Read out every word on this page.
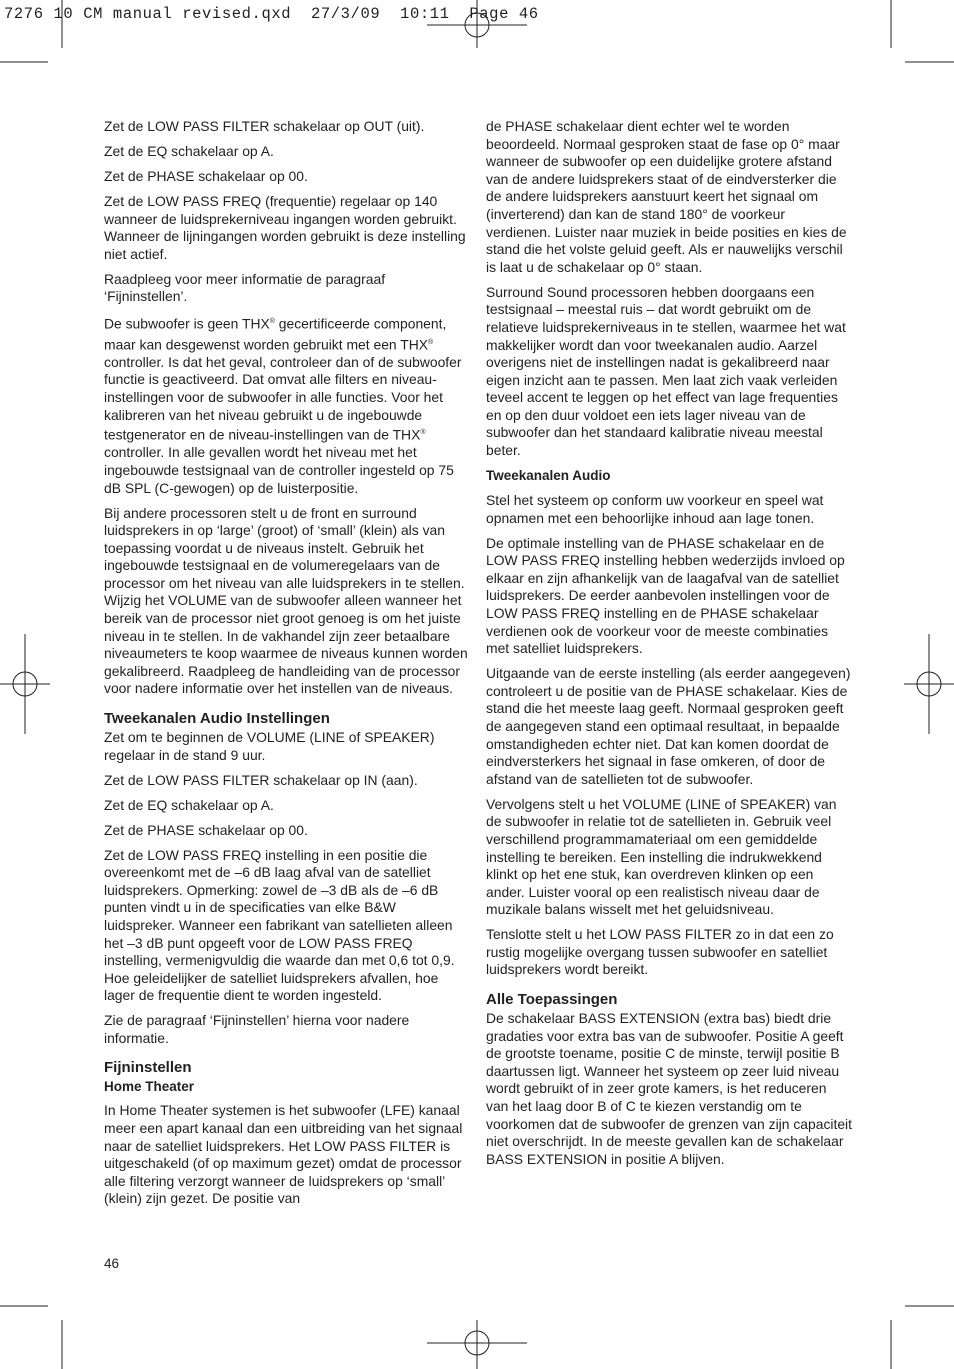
7276 10 CM manual revised.qxd  27/3/09  10:11  Page 46

Zet de LOW PASS FILTER schakelaar op OUT (uit).

Zet de EQ schakelaar op A.

Zet de PHASE schakelaar op 00.

Zet de LOW PASS FREQ (frequentie) regelaar op 140 wanneer de luidsprekerniveau ingangen worden gebruikt. Wanneer de lijningangen worden gebruikt is deze instelling niet actief.

Raadpleeg voor meer informatie de paragraaf ‘Fijninstellen’.

De subwoofer is geen THX® gecertificeerde component, maar kan desgewenst worden gebruikt met een THX® controller. Is dat het geval, controleer dan of de subwoofer functie is geactiveerd. Dat omvat alle filters en niveau-instellingen voor de subwoofer in alle functies. Voor het kalibreren van het niveau gebruikt u de ingebouwde testgenerator en de niveau-instellingen van de THX® controller. In alle gevallen wordt het niveau met het ingebouwde testsignaal van de controller ingesteld op 75 dB SPL (C-gewogen) op de luisterpositie.

Bij andere processoren stelt u de front en surround luidsprekers in op ‘large’ (groot) of ‘small’ (klein) als van toepassing voordat u de niveaus instelt. Gebruik het ingebouwde testsignaal en de volumeregelaars van de processor om het niveau van alle luidsprekers in te stellen. Wijzig het VOLUME van de subwoofer alleen wanneer het bereik van de processor niet groot genoeg is om het juiste niveau in te stellen. In de vakhandel zijn zeer betaalbare niveaumeters te koop waarmee de niveaus kunnen worden gekalibreerd. Raadpleeg de handleiding van de processor voor nadere informatie over het instellen van de niveaus.

Tweekanalen Audio Instellingen

Zet om te beginnen de VOLUME (LINE of SPEAKER) regelaar in de stand 9 uur.

Zet de LOW PASS FILTER schakelaar op IN (aan).

Zet de EQ schakelaar op A.

Zet de PHASE schakelaar op 00.

Zet de LOW PASS FREQ instelling in een positie die overeenkomt met de –6 dB laag afval van de satelliet luidsprekers. Opmerking: zowel de –3 dB als de –6 dB punten vindt u in de specificaties van elke B&W luidspreker. Wanneer een fabrikant van satellieten alleen het –3 dB punt opgeeft voor de LOW PASS FREQ instelling, vermenigvuldig die waarde dan met 0,6 tot 0,9. Hoe geleidelijker de satelliet luidsprekers afvallen, hoe lager de frequentie dient te worden ingesteld.

Zie de paragraaf ‘Fijninstellen’ hierna voor nadere informatie.

Fijninstellen
Home Theater

In Home Theater systemen is het subwoofer (LFE) kanaal meer een apart kanaal dan een uitbreiding van het signaal naar de satelliet luidsprekers. Het LOW PASS FILTER is uitgeschakeld (of op maximum gezet) omdat de processor alle filtering verzorgt wanneer de luidsprekers op ‘small’ (klein) zijn gezet. De positie van

de PHASE schakelaar dient echter wel te worden beoordeeld. Normaal gesproken staat de fase op 0° maar wanneer de subwoofer op een duidelijke grotere afstand van de andere luidsprekers staat of de eindversterker die de andere luidsprekers aanstuurt keert het signaal om (inverterend) dan kan de stand 180° de voorkeur verdienen. Luister naar muziek in beide posities en kies de stand die het volste geluid geeft. Als er nauwelijks verschil is laat u de schakelaar op 0° staan.

Surround Sound processoren hebben doorgaans een testsignaal – meestal ruis – dat wordt gebruikt om de relatieve luidsprekerniveaus in te stellen, waarmee het wat makkelijker wordt dan voor tweekanalen audio. Aarzel overigens niet de instellingen nadat is gekalibreerd naar eigen inzicht aan te passen. Men laat zich vaak verleiden teveel accent te leggen op het effect van lage frequenties en op den duur voldoet een iets lager niveau van de subwoofer dan het standaard kalibratie niveau meestal beter.

Tweekanalen Audio

Stel het systeem op conform uw voorkeur en speel wat opnamen met een behoorlijke inhoud aan lage tonen.

De optimale instelling van de PHASE schakelaar en de LOW PASS FREQ instelling hebben wederzijds invloed op elkaar en zijn afhankelijk van de laagafval van de satelliet luidsprekers. De eerder aanbevolen instellingen voor de LOW PASS FREQ instelling en de PHASE schakelaar verdienen ook de voorkeur voor de meeste combinaties met satelliet luidsprekers.

Uitgaande van de eerste instelling (als eerder aangegeven) controleert u de positie van de PHASE schakelaar. Kies de stand die het meeste laag geeft. Normaal gesproken geeft de aangegeven stand een optimaal resultaat, in bepaalde omstandigheden echter niet. Dat kan komen doordat de eindversterkers het signaal in fase omkeren, of door de afstand van de satellieten tot de subwoofer.

Vervolgens stelt u het VOLUME (LINE of SPEAKER) van de subwoofer in relatie tot de satellieten in. Gebruik veel verschillend programmamateriaal om een gemiddelde instelling te bereiken. Een instelling die indrukwekkend klinkt op het ene stuk, kan overdreven klinken op een ander. Luister vooral op een realistisch niveau daar de muzikale balans wisselt met het geluidsniveau.

Tenslotte stelt u het LOW PASS FILTER zo in dat een zo rustig mogelijke overgang tussen subwoofer en satelliet luidsprekers wordt bereikt.

Alle Toepassingen

De schakelaar BASS EXTENSION (extra bas) biedt drie gradaties voor extra bas van de subwoofer. Positie A geeft de grootste toename, positie C de minste, terwijl positie B daartussen ligt. Wanneer het systeem op zeer luid niveau wordt gebruikt of in zeer grote kamers, is het reduceren van het laag door B of C te kiezen verstandig om te voorkomen dat de subwoofer de grenzen van zijn capaciteit niet overschrijdt. In de meeste gevallen kan de schakelaar BASS EXTENSION in positie A blijven.

46
